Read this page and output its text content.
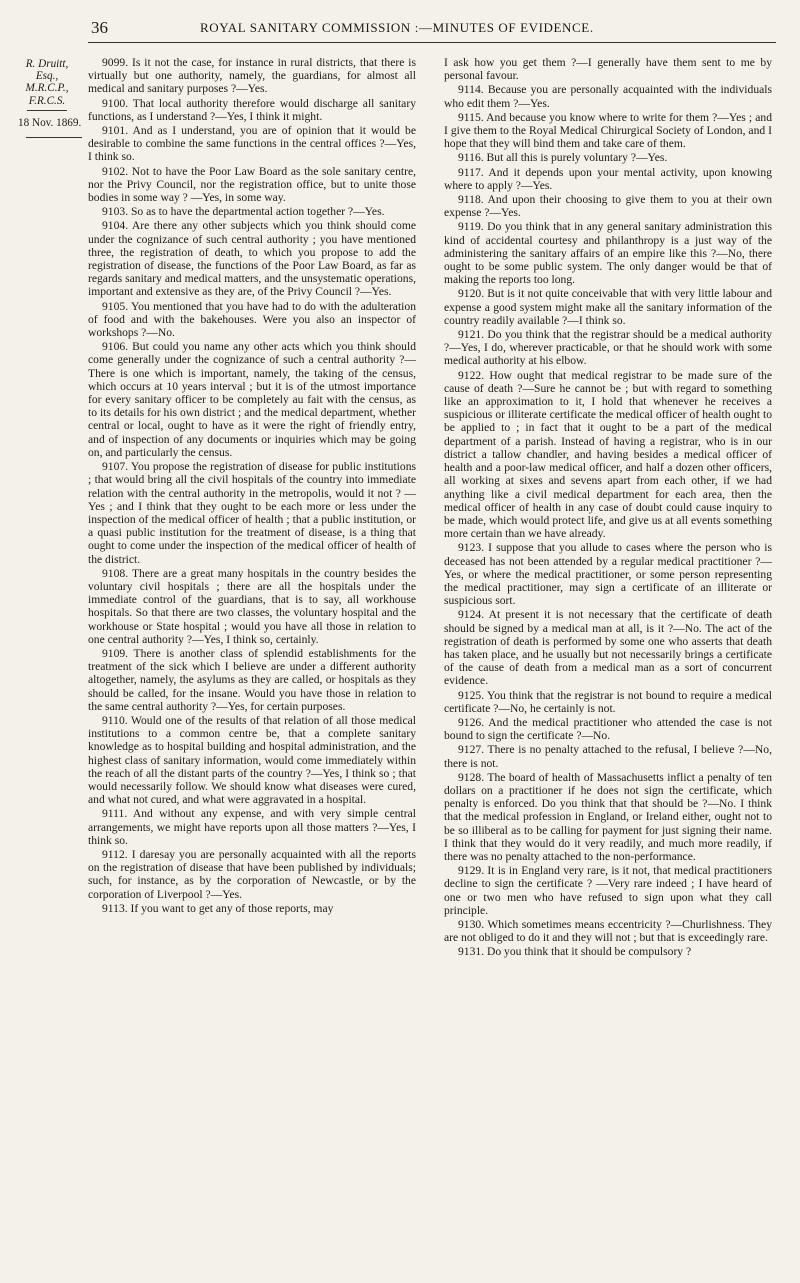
36	ROYAL SANITARY COMMISSION :—MINUTES OF EVIDENCE.
R. Druitt,
Esq.,
M.R.C.P.,
F.R.C.S.
18 Nov. 1869.

9099. Is it not the case, for instance in rural districts, that there is virtually but one authority, namely, the guardians, for almost all medical and sanitary purposes ?—Yes.

9100. That local authority therefore would discharge all sanitary functions, as I understand ?—Yes, I think it might.

9101. And as I understand, you are of opinion that it would be desirable to combine the same functions in the central offices ?—Yes, I think so.

9102. Not to have the Poor Law Board as the sole sanitary centre, nor the Privy Council, nor the registration office, but to unite those bodies in some way ? —Yes, in some way.

9103. So as to have the departmental action together ?—Yes.

9104. Are there any other subjects which you think should come under the cognizance of such central authority ; you have mentioned three, the registration of death, to which you propose to add the registration of disease, the functions of the Poor Law Board, as far as regards sanitary and medical matters, and the unsystematic operations, important and extensive as they are, of the Privy Council ?—Yes.

9105. You mentioned that you have had to do with the adulteration of food and with the bakehouses. Were you also an inspector of workshops ?—No.

9106. But could you name any other acts which you think should come generally under the cognizance of such a central authority ?—There is one which is important, namely, the taking of the census, which occurs at 10 years interval ; but it is of the utmost importance for every sanitary officer to be completely au fait with the census, as to its details for his own district ; and the medical department, whether central or local, ought to have as it were the right of friendly entry, and of inspection of any documents or inquiries which may be going on, and particularly the census.

9107. You propose the registration of disease for public institutions ; that would bring all the civil hospitals of the country into immediate relation with the central authority in the metropolis, would it not ? —Yes ; and I think that they ought to be each more or less under the inspection of the medical officer of health ; that a public institution, or a quasi public institution for the treatment of disease, is a thing that ought to come under the inspection of the medical officer of health of the district.

9108. There are a great many hospitals in the country besides the voluntary civil hospitals ; there are all the hospitals under the immediate control of the guardians, that is to say, all workhouse hospitals. So that there are two classes, the voluntary hospital and the workhouse or State hospital ; would you have all those in relation to one central authority ?—Yes, I think so, certainly.

9109. There is another class of splendid establishments for the treatment of the sick which I believe are under a different authority altogether, namely, the asylums as they are called, or hospitals as they should be called, for the insane. Would you have those in relation to the same central authority ?—Yes, for certain purposes.

9110. Would one of the results of that relation of all those medical institutions to a common centre be, that a complete sanitary knowledge as to hospital building and hospital administration, and the highest class of sanitary information, would come immediately within the reach of all the distant parts of the country ?—Yes, I think so ; that would necessarily follow. We should know what diseases were cured, and what not cured, and what were aggravated in a hospital.

9111. And without any expense, and with very simple central arrangements, we might have reports upon all those matters ?—Yes, I think so.

9112. I daresay you are personally acquainted with all the reports on the registration of disease that have been published by individuals; such, for instance, as by the corporation of Newcastle, or by the corporation of Liverpool ?—Yes.

9113. If you want to get any of those reports, may

I ask how you get them ?—I generally have them sent to me by personal favour.

9114. Because you are personally acquainted with the individuals who edit them ?—Yes.

9115. And because you know where to write for them ?—Yes ; and I give them to the Royal Medical Chirurgical Society of London, and I hope that they will bind them and take care of them.

9116. But all this is purely voluntary ?—Yes.

9117. And it depends upon your mental activity, upon knowing where to apply ?—Yes.

9118. And upon their choosing to give them to you at their own expense ?—Yes.

9119. Do you think that in any general sanitary administration this kind of accidental courtesy and philanthropy is a just way of the administering the sanitary affairs of an empire like this ?—No, there ought to be some public system. The only danger would be that of making the reports too long.

9120. But is it not quite conceivable that with very little labour and expense a good system might make all the sanitary information of the country readily available ?—I think so.

9121. Do you think that the registrar should be a medical authority ?—Yes, I do, wherever practicable, or that he should work with some medical authority at his elbow.

9122. How ought that medical registrar to be made sure of the cause of death ?—Sure he cannot be ; but with regard to something like an approximation to it, I hold that whenever he receives a suspicious or illiterate certificate the medical officer of health ought to be applied to ; in fact that it ought to be a part of the medical department of a parish. Instead of having a registrar, who is in our district a tallow chandler, and having besides a medical officer of health and a poor-law medical officer, and half a dozen other officers, all working at sixes and sevens apart from each other, if we had anything like a civil medical department for each area, then the medical officer of health in any case of doubt could cause inquiry to be made, which would protect life, and give us at all events something more certain than we have already.

9123. I suppose that you allude to cases where the person who is deceased has not been attended by a regular medical practitioner ?—Yes, or where the medical practitioner, or some person representing the medical practitioner, may sign a certificate of an illiterate or suspicious sort.

9124. At present it is not necessary that the certificate of death should be signed by a medical man at all, is it ?—No. The act of the registration of death is performed by some one who asserts that death has taken place, and he usually but not necessarily brings a certificate of the cause of death from a medical man as a sort of concurrent evidence.

9125. You think that the registrar is not bound to require a medical certificate ?—No, he certainly is not.

9126. And the medical practitioner who attended the case is not bound to sign the certificate ?—No.

9127. There is no penalty attached to the refusal, I believe ?—No, there is not.

9128. The board of health of Massachusetts inflict a penalty of ten dollars on a practitioner if he does not sign the certificate, which penalty is enforced. Do you think that that should be ?—No. I think that the medical profession in England, or Ireland either, ought not to be so illiberal as to be calling for payment for just signing their name. I think that they would do it very readily, and much more readily, if there was no penalty attached to the non-performance.

9129. It is in England very rare, is it not, that medical practitioners decline to sign the certificate ? —Very rare indeed ; I have heard of one or two men who have refused to sign upon what they call principle.

9130. Which sometimes means eccentricity ?—Churlishness. They are not obliged to do it and they will not ; but that is exceedingly rare.

9131. Do you think that it should be compulsory ?
